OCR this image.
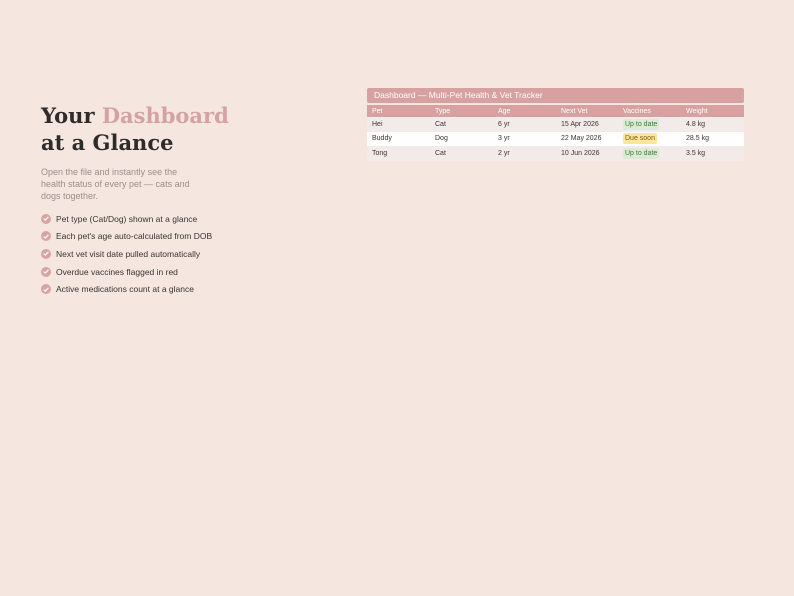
Your Dashboard
at a Glance
Open the file and instantly see the health status of every pet — cats and dogs together.
Pet type (Cat/Dog) shown at a glance
Each pet's age auto-calculated from DOB
Next vet visit date pulled automatically
Overdue vaccines flagged in red
Active medications count at a glance
Dashboard — Multi-Pet Health & Vet Tracker
Pet	Type	Age	Next Vet	Vaccines	Weight
Hei	Cat	6 yr	15 Apr 2026	Up to date	4.8 kg
Buddy	Dog	3 yr	22 May 2026	Due soon	28.5 kg
Tong	Cat	2 yr	10 Jun 2026	Up to date	3.5 kg
